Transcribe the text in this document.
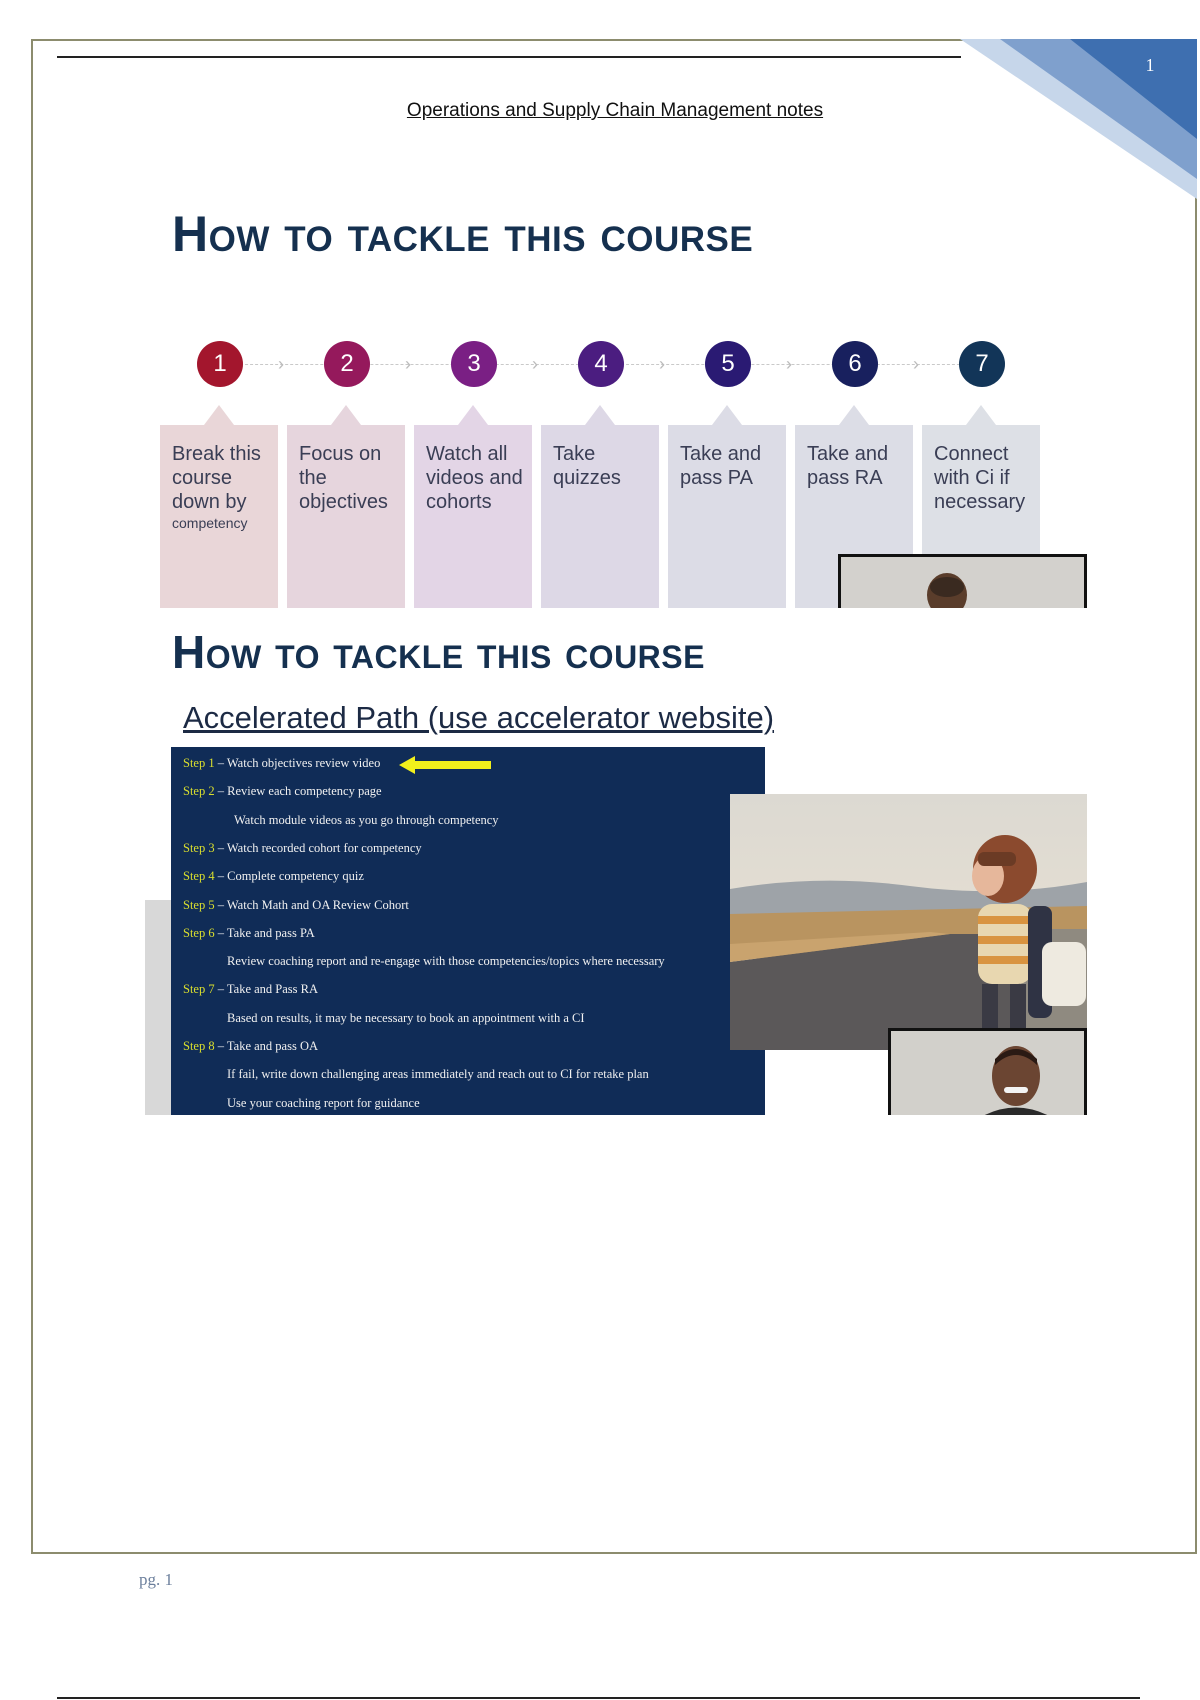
1
Operations and Supply Chain Management notes
How to tackle this course
1	›
Break this course down by
competency
2	›
Focus on the objectives
3	›
Watch all videos and cohorts
4	›
Take quizzes
5	›
Take and pass PA
6	›
Take and pass RA
7
Connect with Ci if necessary
How to tackle this course
Accelerated Path (use accelerator website)
Step 1 – Watch objectives review video
Step 2 – Review each competency page
Watch module videos as you go through competency
Step 3 – Watch recorded cohort for competency
Step 4 – Complete competency quiz
Step 5 – Watch Math and OA Review Cohort
Step 6 – Take and pass PA
Review coaching report and re-engage with those competencies/topics where necessary
Step 7 – Take and Pass RA
Based on results, it may be necessary to book an appointment with a CI
Step 8 – Take and pass OA
If fail, write down challenging areas immediately and reach out to CI for retake plan
Use your coaching report for guidance
pg. 1
